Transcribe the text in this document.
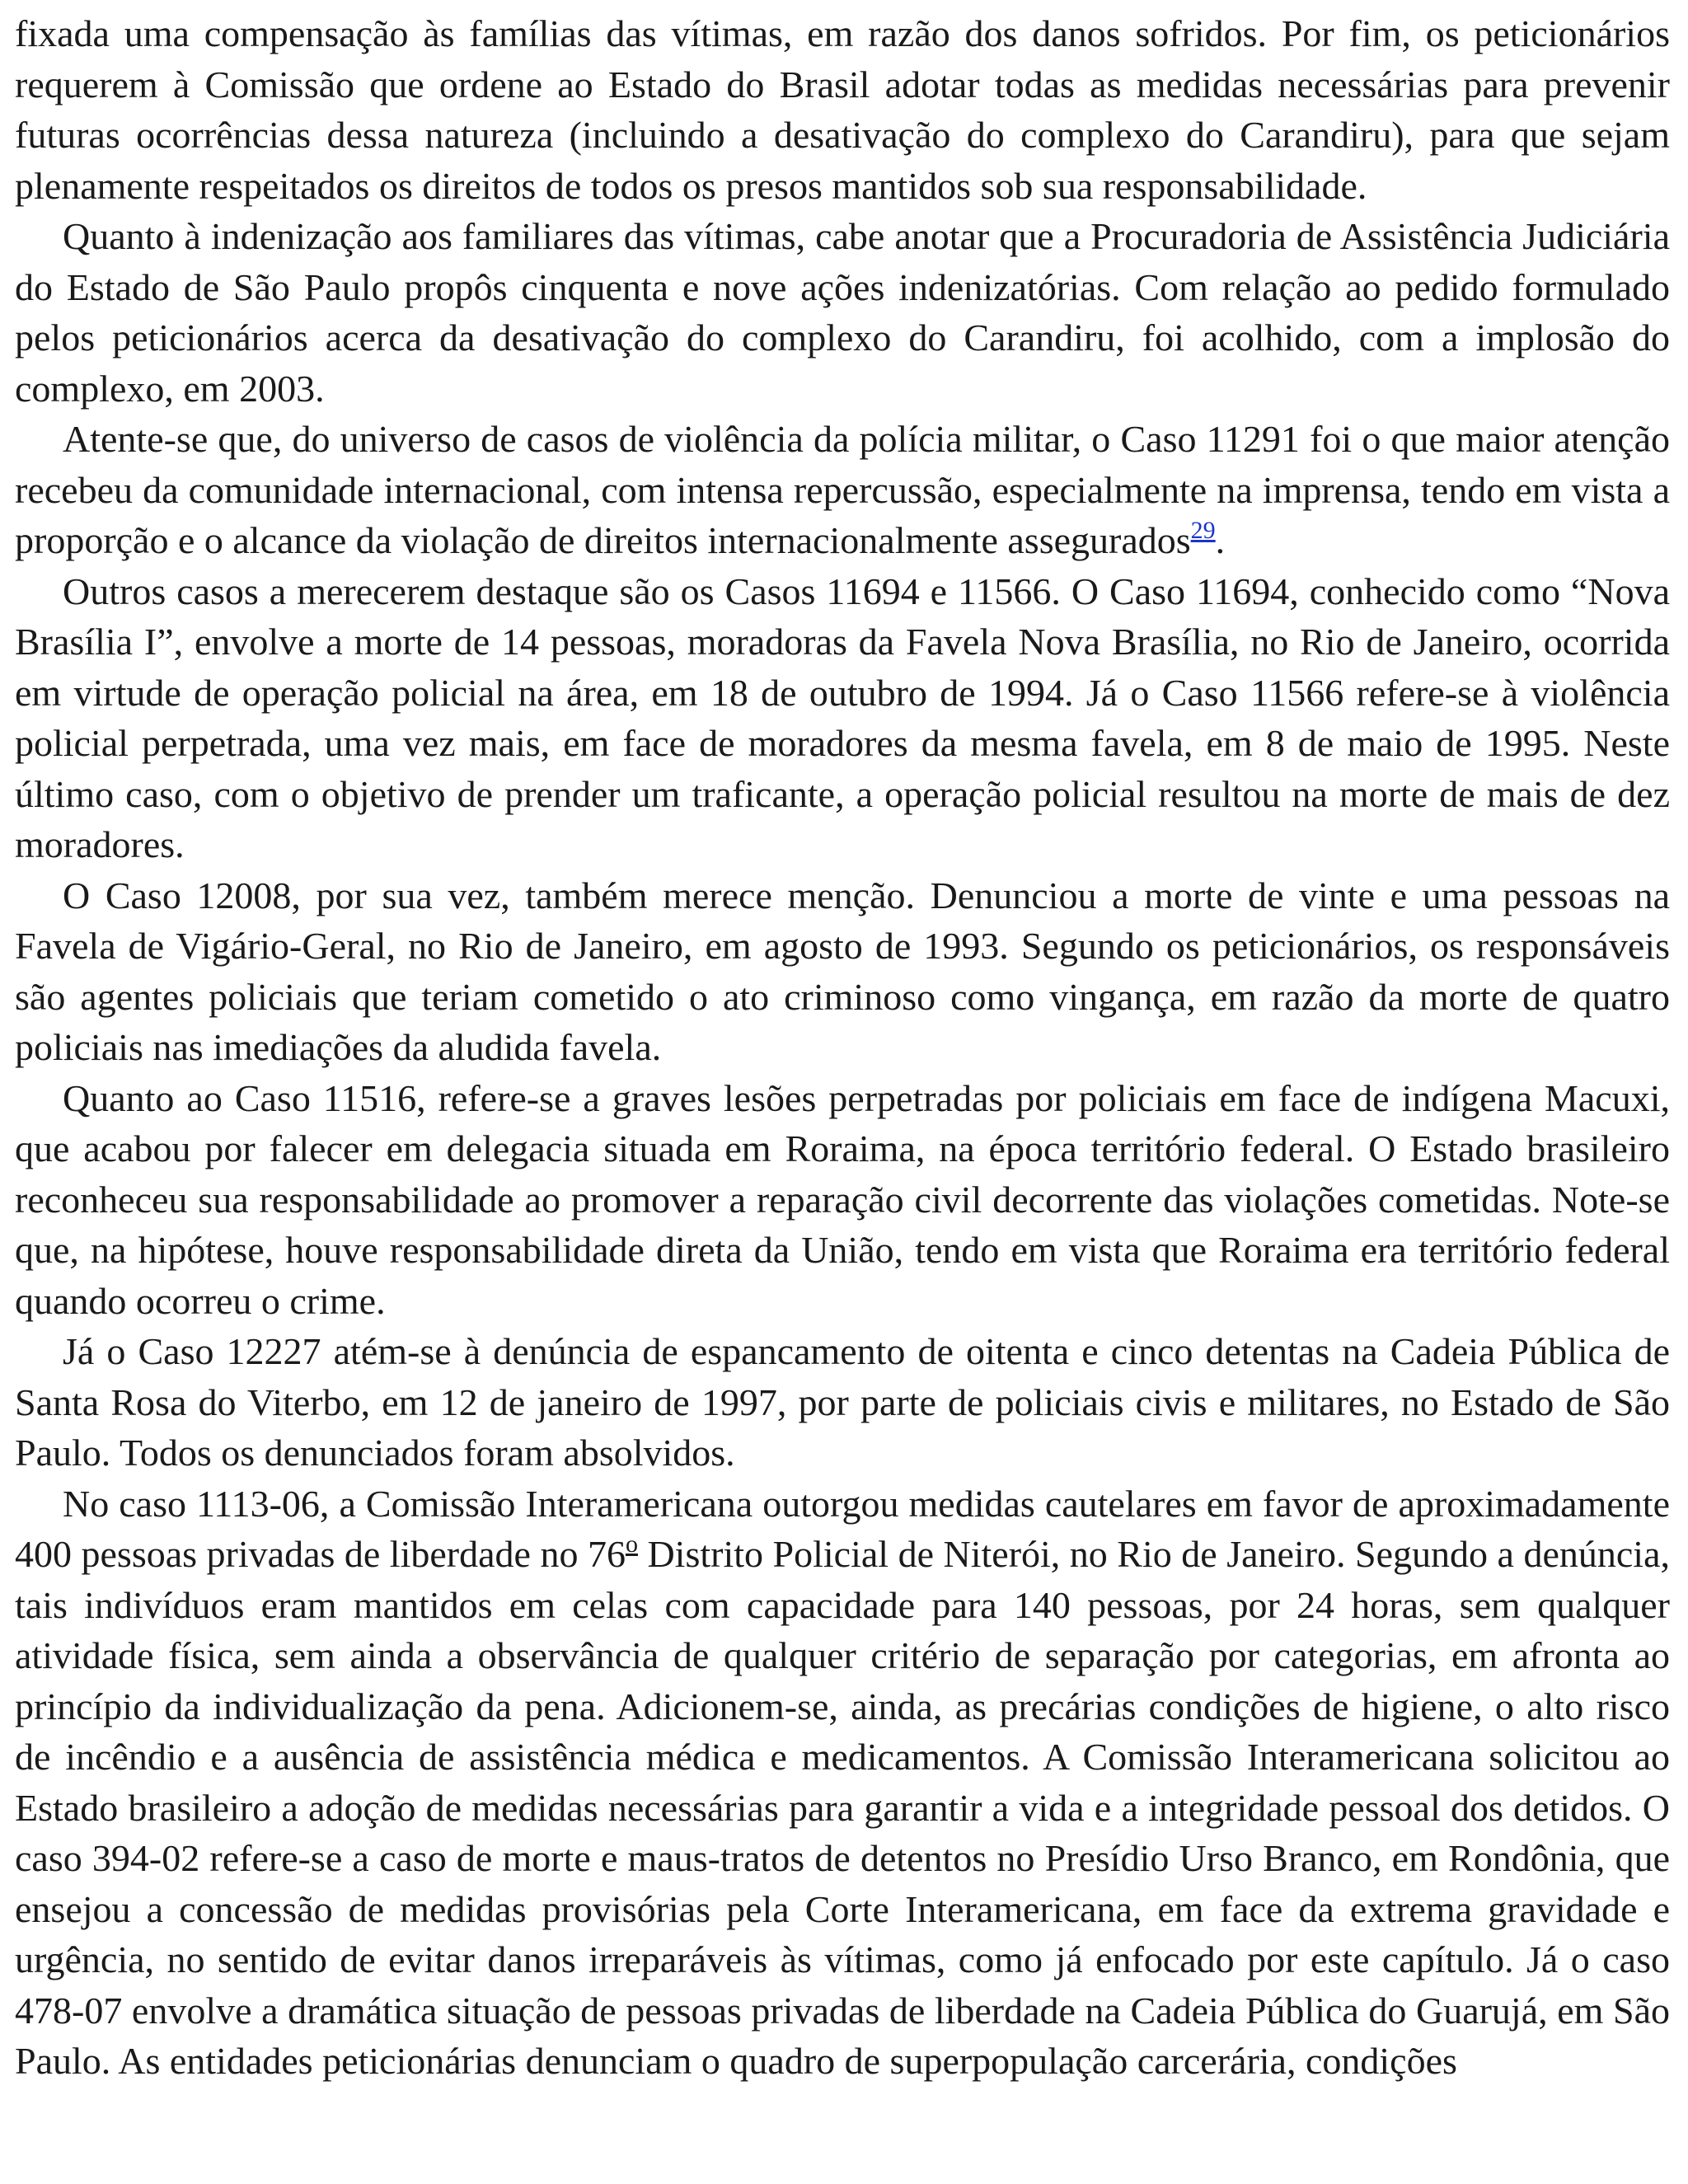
fixada uma compensação às famílias das vítimas, em razão dos danos sofridos. Por fim, os peticionários requerem à Comissão que ordene ao Estado do Brasil adotar todas as medidas necessárias para prevenir futuras ocorrências dessa natureza (incluindo a desativação do complexo do Carandiru), para que sejam plenamente respeitados os direitos de todos os presos mantidos sob sua responsabilidade.

Quanto à indenização aos familiares das vítimas, cabe anotar que a Procuradoria de Assistência Judiciária do Estado de São Paulo propôs cinquenta e nove ações indenizatórias. Com relação ao pedido formulado pelos peticionários acerca da desativação do complexo do Carandiru, foi acolhido, com a implosão do complexo, em 2003.

Atente-se que, do universo de casos de violência da polícia militar, o Caso 11291 foi o que maior atenção recebeu da comunidade internacional, com intensa repercussão, especialmente na imprensa, tendo em vista a proporção e o alcance da violação de direitos internacionalmente assegurados$^{29}$.

Outros casos a merecerem destaque são os Casos 11694 e 11566. O Caso 11694, conhecido como “Nova Brasília I”, envolve a morte de 14 pessoas, moradoras da Favela Nova Brasília, no Rio de Janeiro, ocorrida em virtude de operação policial na área, em 18 de outubro de 1994. Já o Caso 11566 refere-se à violência policial perpetrada, uma vez mais, em face de moradores da mesma favela, em 8 de maio de 1995. Neste último caso, com o objetivo de prender um traficante, a operação policial resultou na morte de mais de dez moradores.

O Caso 12008, por sua vez, também merece menção. Denunciou a morte de vinte e uma pessoas na Favela de Vigário-Geral, no Rio de Janeiro, em agosto de 1993. Segundo os peticionários, os responsáveis são agentes policiais que teriam cometido o ato criminoso como vingança, em razão da morte de quatro policiais nas imediações da aludida favela.

Quanto ao Caso 11516, refere-se a graves lesões perpetradas por policiais em face de indígena Macuxi, que acabou por falecer em delegacia situada em Roraima, na época território federal. O Estado brasileiro reconheceu sua responsabilidade ao promover a reparação civil decorrente das violações cometidas. Note-se que, na hipótese, houve responsabilidade direta da União, tendo em vista que Roraima era território federal quando ocorreu o crime.

Já o Caso 12227 atém-se à denúncia de espancamento de oitenta e cinco detentas na Cadeia Pública de Santa Rosa do Viterbo, em 12 de janeiro de 1997, por parte de policiais civis e militares, no Estado de São Paulo. Todos os denunciados foram absolvidos.

No caso 1113-06, a Comissão Interamericana outorgou medidas cautelares em favor de aproximadamente 400 pessoas privadas de liberdade no 76$^o$ Distrito Policial de Niterói, no Rio de Janeiro. Segundo a denúncia, tais indivíduos eram mantidos em celas com capacidade para 140 pessoas, por 24 horas, sem qualquer atividade física, sem ainda a observância de qualquer critério de separação por categorias, em afronta ao princípio da individualização da pena. Adicionem-se, ainda, as precárias condições de higiene, o alto risco de incêndio e a ausência de assistência médica e medicamentos. A Comissão Interamericana solicitou ao Estado brasileiro a adoção de medidas necessárias para garantir a vida e a integridade pessoal dos detidos. O caso 394-02 refere-se a caso de morte e maus-tratos de detentos no Presídio Urso Branco, em Rondônia, que ensejou a concessão de medidas provisórias pela Corte Interamericana, em face da extrema gravidade e urgência, no sentido de evitar danos irreparáveis às vítimas, como já enfocado por este capítulo. Já o caso 478-07 envolve a dramática situação de pessoas privadas de liberdade na Cadeia Pública do Guarujá, em São Paulo. As entidades peticionárias denunciam o quadro de superpopulação carcerária, condições
